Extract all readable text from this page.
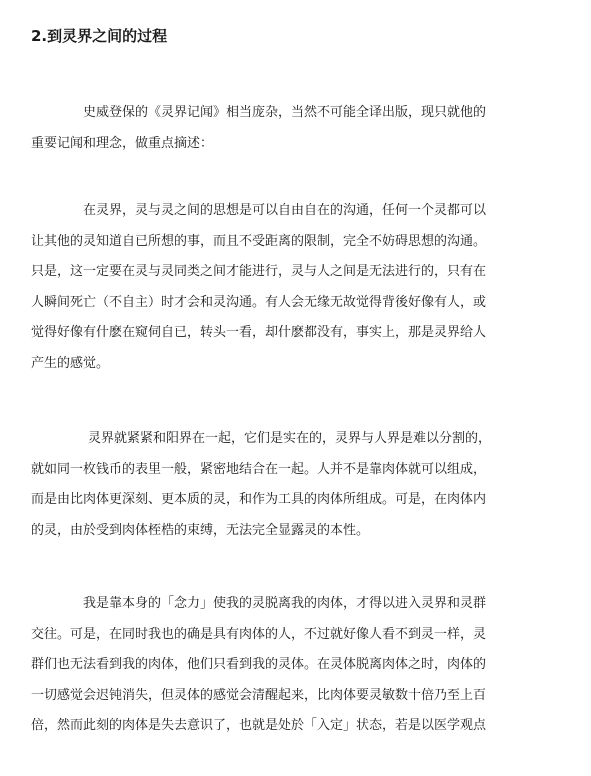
2.到灵界之间的过程
史威登保的《灵界记闻》相当庞杂，当然不可能全译出版，现只就他的
重要记闻和理念，做重点摘述：
在灵界，灵与灵之间的思想是可以自由自在的沟通，任何一个灵都可以
让其他的灵知道自已所想的事，而且不受距离的限制，完全不妨碍思想的沟通。
只是，这一定要在灵与灵同类之间才能进行，灵与人之间是无法进行的，只有在
人瞬间死亡（不自主）时才会和灵沟通。有人会无缘无故觉得背後好像有人，或
觉得好像有什麽在窥伺自已，转头一看，却什麽都没有，事实上，那是灵界给人
产生的感觉。
灵界就紧紧和阳界在一起，它们是实在的，灵界与人界是难以分割的，
就如同一枚钱币的表里一般，紧密地结合在一起。人并不是靠肉体就可以组成，
而是由比肉体更深刻、更本质的灵，和作为工具的肉体所组成。可是，在肉体内
的灵，由於受到肉体桎梏的束缚，无法完全显露灵的本性。
我是靠本身的「念力」使我的灵脱离我的肉体，才得以进入灵界和灵群
交往。可是，在同时我也的确是具有肉体的人，不过就好像人看不到灵一样，灵
群们也无法看到我的肉体，他们只看到我的灵体。在灵体脱离肉体之时，肉体的
一切感觉会迟钝消失，但灵体的感觉会清醒起来，比肉体要灵敏数十倍乃至上百
倍，然而此刻的肉体是失去意识了，也就是处於「入定」状态，若是以医学观点
